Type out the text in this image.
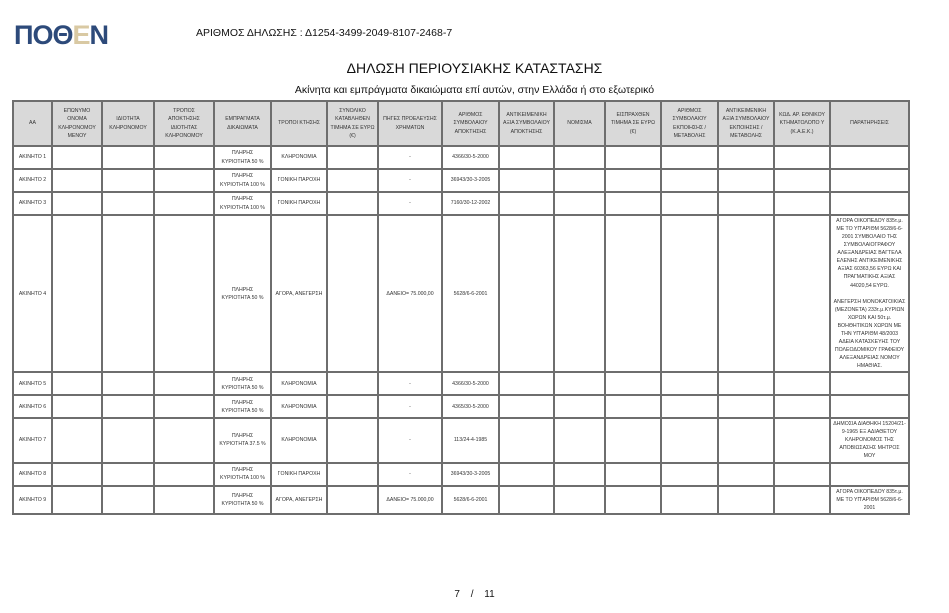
ΠΟΘΕΝ	ΑΡΙΘΜΟΣ ΔΗΛΩΣΗΣ : Δ1254-3499-2049-8107-2468-7
ΔΗΛΩΣΗ ΠΕΡΙΟΥΣΙΑΚΗΣ ΚΑΤΑΣΤΑΣΗΣ
Ακίνητα και εμπράγματα δικαιώματα επί αυτών, στην Ελλάδα ή στο εξωτερικό
ΑΑ	ΕΠΩΝΥΜΟ ΟΝΟΜΑ ΚΛΗΡΟΝΟΜΟΥ ΜΕΝΟΥ	ΙΔΙΟΤΗΤΑ ΚΛΗΡΟΝΟΜΟΥ	ΤΡΟΠΟΣ ΑΠΟΚΤΗΣΗΣ ΙΔΙΟΤΗΤΑΣ ΚΛΗΡΟΝΟΜΟΥ	ΕΜΠΡΑΓΜΑΤΑ ΔΙΚΑΙΩΜΑΤΑ	ΤΡΟΠΟΙ ΚΤΗΣΗΣ	ΣΥΝΟΛΙΚΟ ΚΑΤΑΒΛΗΘΕΝ ΤΙΜΗΜΑ ΣΕ ΕΥΡΩ (€)	ΠΗΓΕΣ ΠΡΟΕΛΕΥΣΗΣ ΧΡΗΜΑΤΩΝ	ΑΡΙΘΜΟΣ ΣΥΜΒΟΛΑΙΟΥ ΑΠΟΚΤΗΣΗΣ	ΑΝΤΙΚΕΙΜΕΝΙΚΗ ΑΞΙΑ ΣΥΜΒΟΛΑΙΟΥ ΑΠΟΚΤΗΣΗΣ	ΝΟΜΙΣΜΑ	ΕΙΣΠΡΑΧΘΕΝ ΤΙΜΗΜΑ ΣΕ ΕΥΡΩ (€)	ΑΡΙΘΜΟΣ ΣΥΜΒΟΛΑΙΟΥ ΕΚΠΟΙΗΣΗΣ /ΜΕΤΑΒΟΛΗΣ	ΑΝΤΙΚΕΙΜΕΝΙΚΗ ΑΞΙΑ ΣΥΜΒΟΛΑΙΟΥ ΕΚΠΟΙΗΣΗΣ / ΜΕΤΑΒΟΛΗΣ	ΚΩΔ. ΑΡ. ΕΘΝΙΚΟΥ ΚΤΗΜΑΤΟΛΟΠΟ Υ (Κ.Α.Ε.Κ.)	ΠΑΡΑΤΗΡΗΣΕΙΣ
ΑΚΙΝΗΤΟ 1				ΠΛΗΡΗΣ ΚΥΡΙΟΤΗΤΑ 50 %	ΚΛΗΡΟΝΟΜΙΑ		-	4366/30-5-2000							
ΑΚΙΝΗΤΟ 2				ΠΛΗΡΗΣ ΚΥΡΙΟΤΗΤΑ 100 %	ΓΟΝΙΚΗ ΠΑΡΟΧΗ		-	36943/30-3-2005							
ΑΚΙΝΗΤΟ 3				ΠΛΗΡΗΣ ΚΥΡΙΟΤΗΤΑ 100 %	ΓΟΝΙΚΗ ΠΑΡΟΧΗ		-	7160/30-12-2002							
ΑΚΙΝΗΤΟ 4				ΠΛΗΡΗΣ ΚΥΡΙΟΤΗΤΑ 50 %	ΑΓΟΡΑ, ΑΝΕΓΕΡΣΗ		ΔΑΝΕΙΟ= 75.000,00	5628/6-6-2001							ΑΓΟΡΑ ΟΙΚΟΠΕΔΟΥ 835τ.μ. ΜΕ ΤΟ ΥΠ'ΑΡΙΘΜ 5628/6-6-2001 ΣΥΜΒΟΛΑΙΟ ΤΗΣ ΣΥΜΒΟΛΑΙΟΓΡΑΦΟΥ ΑΛΕΞΑΝΔΡΕΙΑΣ ΒΑΓΤΕΛΑ ΕΛΕΝΗΣ ΑΝΤΙΚΕΙΜΕΝΙΚΗΣ ΑΞΙΑΣ 60363,56 ΕΥΡΩ ΚΑΙ ΠΡΑΓΜΑΤΙΚΗΣ ΑΞΙΑΣ 44020,54 ΕΥΡΩ.

ΑΝΕΓΕΡΣΗ ΜΟΝΟΚΑΤΟΙΚΙΑΣ (ΜΕΖΟΝΕΤΑ) 233τ.μ.ΚΥΡΙΩΝ ΧΩΡΩΝ ΚΑΙ 50τ.μ. ΒΟΗΘΗΤΙΚΩΝ ΧΩΡΩΝ ΜΕ ΤΗΝ ΥΠ'ΑΡΙΘΜ 48/2003 ΑΔΕΙΑ ΚΑΤΑΣΚΕΥΗΣ ΤΟΥ ΠΟΛΕΟΔΟΜΙΚΟΥ ΓΡΑΦΕΙΟΥ ΑΛΕΞΑΝΔΡΕΙΑΣ ΝΟΜΟΥ ΗΜΑΘΙΑΣ.
ΑΚΙΝΗΤΟ 5				ΠΛΗΡΗΣ ΚΥΡΙΟΤΗΤΑ 50 %	ΚΛΗΡΟΝΟΜΙΑ		-	4366/30-5-2000							
ΑΚΙΝΗΤΟ 6				ΠΛΗΡΗΣ ΚΥΡΙΟΤΗΤΑ 50 %	ΚΛΗΡΟΝΟΜΙΑ		-	4365/30-5-2000							
ΑΚΙΝΗΤΟ 7				ΠΛΗΡΗΣ ΚΥΡΙΟΤΗΤΑ 37.5 %	ΚΛΗΡΟΝΟΜΙΑ		-	113/24-4-1985							ΔΗΜΟΣΙΑ ΔΙΑΘΗΚΗ 15204/21-9-1965 ΕΞ ΑΔΙΑΘΕΤΟΥ ΚΛΗΡΟΝΟΜΟΣ ΤΗΣ ΑΠΟΒΙΩΣΑΣΗΣ ΜΗΤΡΟΣ ΜΟΥ
ΑΚΙΝΗΤΟ 8				ΠΛΗΡΗΣ ΚΥΡΙΟΤΗΤΑ 100 %	ΓΟΝΙΚΗ ΠΑΡΟΧΗ		-	36943/30-3-2005							
ΑΚΙΝΗΤΟ 9				ΠΛΗΡΗΣ ΚΥΡΙΟΤΗΤΑ 50 %	ΑΓΟΡΑ, ΑΝΕΓΕΡΣΗ		ΔΑΝΕΙΟ= 75.000,00	5628/6-6-2001							ΑΓΟΡΑ ΟΙΚΟΠΕΔΟΥ 835τ.μ. ΜΕ ΤΟ ΥΠ'ΑΡΙΘΜ 5628/6-6-2001
7 / 11
